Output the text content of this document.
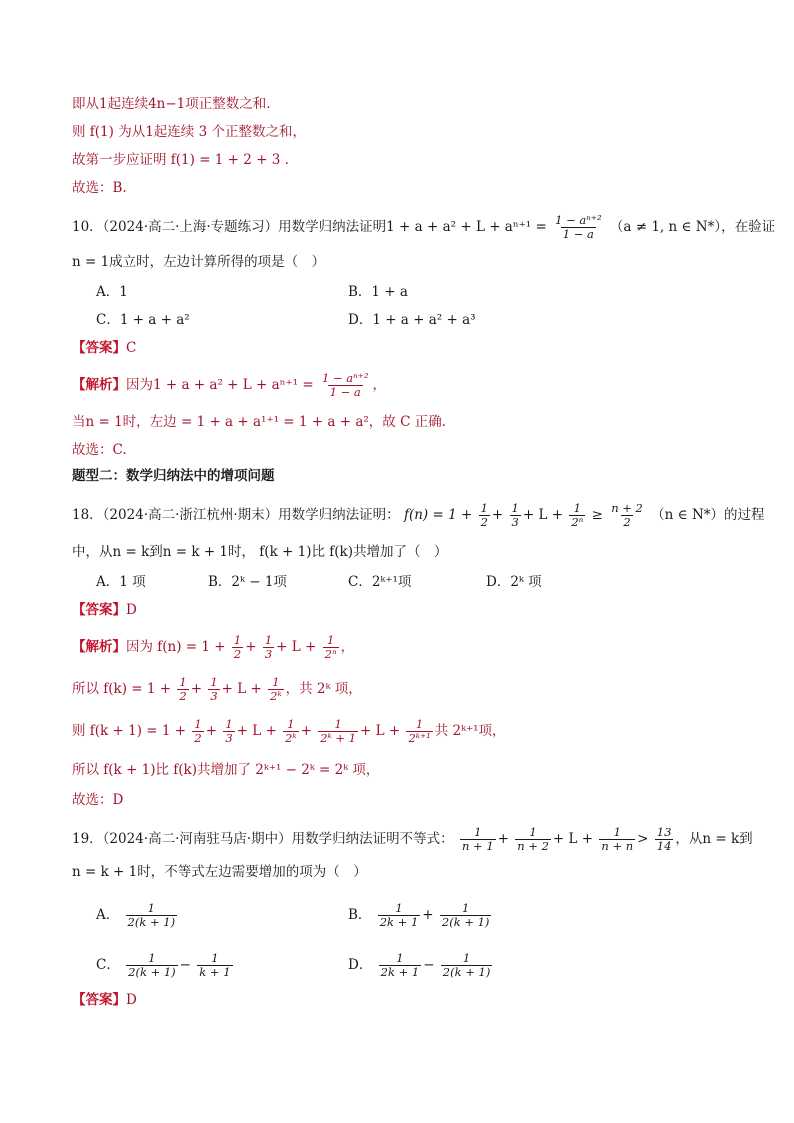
即从1起连续4n−1项正整数之和.
则 f(1) 为从1起连续 3 个正整数之和，
故第一步应证明 f(1) = 1 + 2 + 3 .
故选：B.
10．（2024·高二·上海·专题练习）用数学归纳法证明$1 + a + a^2 + L + a^{n+1} = \frac{\text{1 − aⁿ⁺²}}{1 - a} (a \ne 1$, n ∈ N*），在验证
n = 1成立时，左边计算所得的项是（　）
A．1	B．1 + a
C．1 + a + a²	D．1 + a + a² + a³
【答案】C
【解析】因为$1 + a + a^2 + L + a^{n+1} = \frac{\text{1 − aⁿ⁺²}}{1 - a}$ ，
当n = 1时，左边 = 1 + a + a¹⁺¹ = 1 + a + a²，故 C 正确.
故选：C.
题型二：数学归纳法中的增项问题
18．（2024·高二·浙江杭州·期末）用数学归纳法证明： $f(n) = 1 + \frac{1}{2} + \frac{1}{3} + L + \frac{1}{\text{2ⁿ}} \ge \frac{n + 2}{2} (n$ ∈ N*）的过程
中，从n = k到n = k + 1时， f(k + 1)比 f(k)共增加了（　）
A．1 项	B．2ᵏ − 1项	C．2ᵏ⁺¹项	D．2ᵏ 项
【答案】D
【解析】因为 $f(n) = 1 + \frac{1}{2} + \frac{1}{3} + L + \frac{1}{\text{2ⁿ}}$ ，
所以 $f(k) = 1 + \frac{1}{2} + \frac{1}{3} + L + \frac{1}{\text{2ᵏ}}$ ，共 2ᵏ 项，
则 $f(k + 1) = 1 + \frac{1}{2} + \frac{1}{3} + L + \frac{1}{\text{2ᵏ}} + \frac{1}{\text{2ᵏ + 1}} + L + \frac{1}{\text{2ᵏ⁺¹}}$ 共 2ᵏ⁺¹项，
所以 f(k + 1)比 f(k)共增加了 2ᵏ⁺¹ − 2ᵏ = 2ᵏ 项，
故选：D
19．（2024·高二·河南驻马店·期中）用数学归纳法证明不等式： $\frac{1}{n + 1} + \frac{1}{n + 2} + L + \frac{1}{n + n} > \frac{13}{14}$ ，从n = k到
n = k + 1时，不等式左边需要增加的项为（　）
A． $\frac{1}{2(k + 1)}$	B． $\frac{1}{2k + 1} + \frac{1}{2(k + 1)}$
C． $\frac{1}{2(k + 1)} - \frac{1}{k + 1}$	D． $\frac{1}{2k + 1} - \frac{1}{2(k + 1)}$
【答案】D
